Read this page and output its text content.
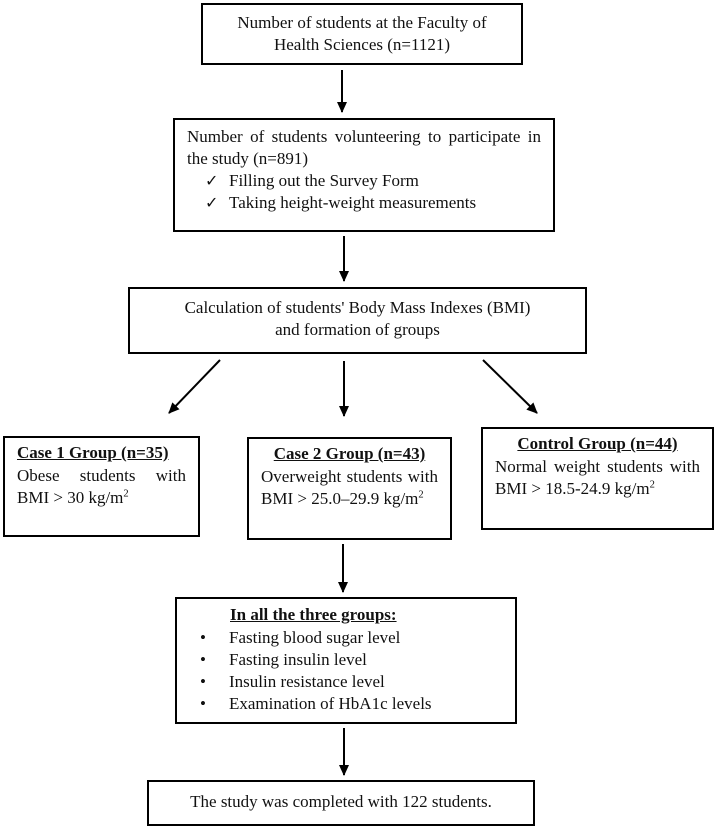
Number of students at the Faculty of
Health Sciences (n=1121)

Number of students volunteering to participate in the study (n=891)

✓ Filling out the Survey Form
✓ Taking height-weight measurements
Calculation of students' Body Mass Indexes (BMI)
and formation of groups

Case 1 Group (n=35)

Obese students with BMI > 30 $kg/m^2$

Case 2 Group (n=43)

Overweight students with BMI > 25.0–29.9 $kg/m^2$

Control Group (n=44)

Normal weight students with BMI > 18.5-24.9 $kg/m^2$

In all the three groups:

•	Fasting blood sugar level
•	Fasting insulin level
•	Insulin resistance level
•	Examination of HbA1c levels
The study was completed with 122 students.
